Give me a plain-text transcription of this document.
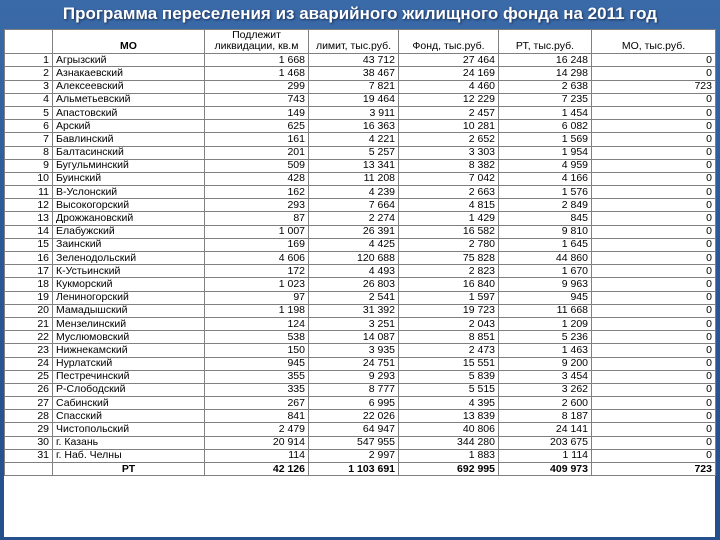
Программа переселения из аварийного жилищного фонда на 2011 год
	МО	Подлежит
ликвидации, кв.м	лимит, тыс.руб.	Фонд, тыс.руб.	РТ, тыс.руб.	МО, тыс.руб.
1	Агрызский	1 668	43 712	27 464	16 248	0
2	Азнакаевский	1 468	38 467	24 169	14 298	0
3	Алексеевский	299	7 821	4 460	2 638	723
4	Альметьевский	743	19 464	12 229	7 235	0
5	Апастовский	149	3 911	2 457	1 454	0
6	Арский	625	16 363	10 281	6 082	0
7	Бавлинский	161	4 221	2 652	1 569	0
8	Балтасинский	201	5 257	3 303	1 954	0
9	Бугульминский	509	13 341	8 382	4 959	0
10	Буинский	428	11 208	7 042	4 166	0
11	В-Услонский	162	4 239	2 663	1 576	0
12	Высокогорский	293	7 664	4 815	2 849	0
13	Дрожжановский	87	2 274	1 429	845	0
14	Елабужский	1 007	26 391	16 582	9 810	0
15	Заинский	169	4 425	2 780	1 645	0
16	Зеленодольский	4 606	120 688	75 828	44 860	0
17	К-Устьинский	172	4 493	2 823	1 670	0
18	Кукморский	1 023	26 803	16 840	9 963	0
19	Лениногорский	97	2 541	1 597	945	0
20	Мамадышский	1 198	31 392	19 723	11 668	0
21	Мензелинский	124	3 251	2 043	1 209	0
22	Муслюмовский	538	14 087	8 851	5 236	0
23	Нижнекамский	150	3 935	2 473	1 463	0
24	Нурлатский	945	24 751	15 551	9 200	0
25	Пестречинский	355	9 293	5 839	3 454	0
26	Р-Слободский	335	8 777	5 515	3 262	0
27	Сабинский	267	6 995	4 395	2 600	0
28	Спасский	841	22 026	13 839	8 187	0
29	Чистопольский	2 479	64 947	40 806	24 141	0
30	г. Казань	20 914	547 955	344 280	203 675	0
31	г. Наб. Челны	114	2 997	1 883	1 114	0
	РТ	42 126	1 103 691	692 995	409 973	723
